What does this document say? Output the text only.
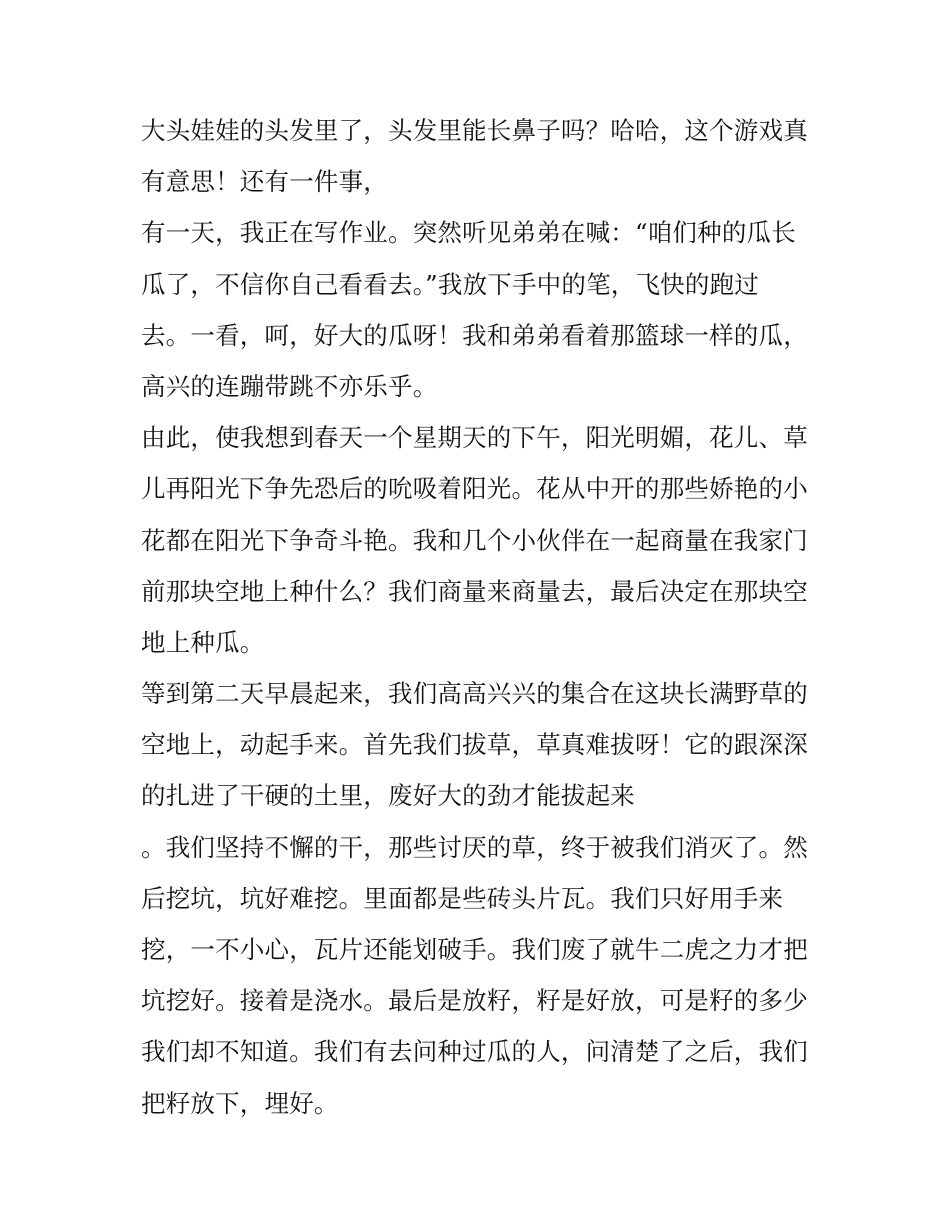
大头娃娃的头发里了，头发里能长鼻子吗？哈哈，这个游戏真
有意思！还有一件事，
有一天，我正在写作业。突然听见弟弟在喊：“咱们种的瓜长
瓜了，不信你自己看看去。”我放下手中的笔，飞快的跑过
去。一看，呵，好大的瓜呀！我和弟弟看着那篮球一样的瓜，
高兴的连蹦带跳不亦乐乎。
由此，使我想到春天一个星期天的下午，阳光明媚，花儿、草
儿再阳光下争先恐后的吮吸着阳光。花从中开的那些娇艳的小
花都在阳光下争奇斗艳。我和几个小伙伴在一起商量在我家门
前那块空地上种什么？我们商量来商量去，最后决定在那块空
地上种瓜。
等到第二天早晨起来，我们高高兴兴的集合在这块长满野草的
空地上，动起手来。首先我们拔草，草真难拔呀！它的跟深深
的扎进了干硬的土里，废好大的劲才能拔起来
。我们坚持不懈的干，那些讨厌的草，终于被我们消灭了。然
后挖坑，坑好难挖。里面都是些砖头片瓦。我们只好用手来
挖，一不小心，瓦片还能划破手。我们废了就牛二虎之力才把
坑挖好。接着是浇水。最后是放籽，籽是好放，可是籽的多少
我们却不知道。我们有去问种过瓜的人，问清楚了之后，我们
把籽放下，埋好。
